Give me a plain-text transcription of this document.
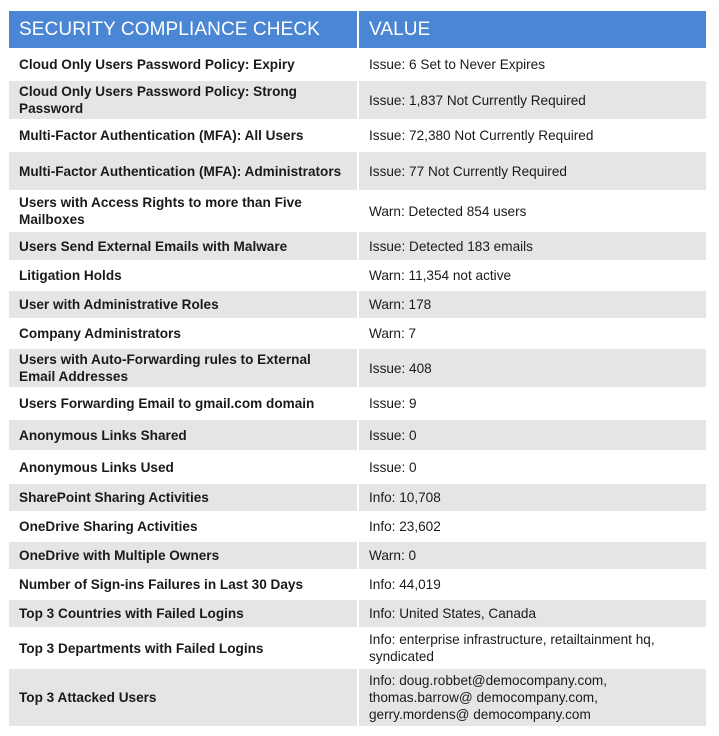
SECURITY COMPLIANCE CHECK	VALUE
Cloud Only Users Password Policy: Expiry	Issue: 6 Set to Never Expires
Cloud Only Users Password Policy: Strong Password	Issue: 1,837 Not Currently Required
Multi-Factor Authentication (MFA): All Users	Issue: 72,380 Not Currently Required
Multi-Factor Authentication (MFA): Administrators	Issue: 77 Not Currently Required
Users with Access Rights to more than Five Mailboxes	Warn: Detected 854 users
Users Send External Emails with Malware	Issue: Detected 183 emails
Litigation Holds	Warn: 11,354 not active
User with Administrative Roles	Warn: 178
Company Administrators	Warn: 7
Users with Auto-Forwarding rules to External Email Addresses	Issue: 408
Users Forwarding Email to gmail.com domain	Issue: 9
Anonymous Links Shared	Issue: 0
Anonymous Links Used	Issue: 0
SharePoint Sharing Activities	Info: 10,708
OneDrive Sharing Activities	Info: 23,602
OneDrive with Multiple Owners	Warn: 0
Number of Sign-ins Failures in Last 30 Days	Info: 44,019
Top 3 Countries with Failed Logins	Info: United States, Canada
Top 3 Departments with Failed Logins	Info: enterprise infrastructure, retailtainment hq, syndicated
Top 3 Attacked Users	Info: doug.robbet@democompany.com, thomas.barrow@ democompany.com, gerry.mordens@ democompany.com
